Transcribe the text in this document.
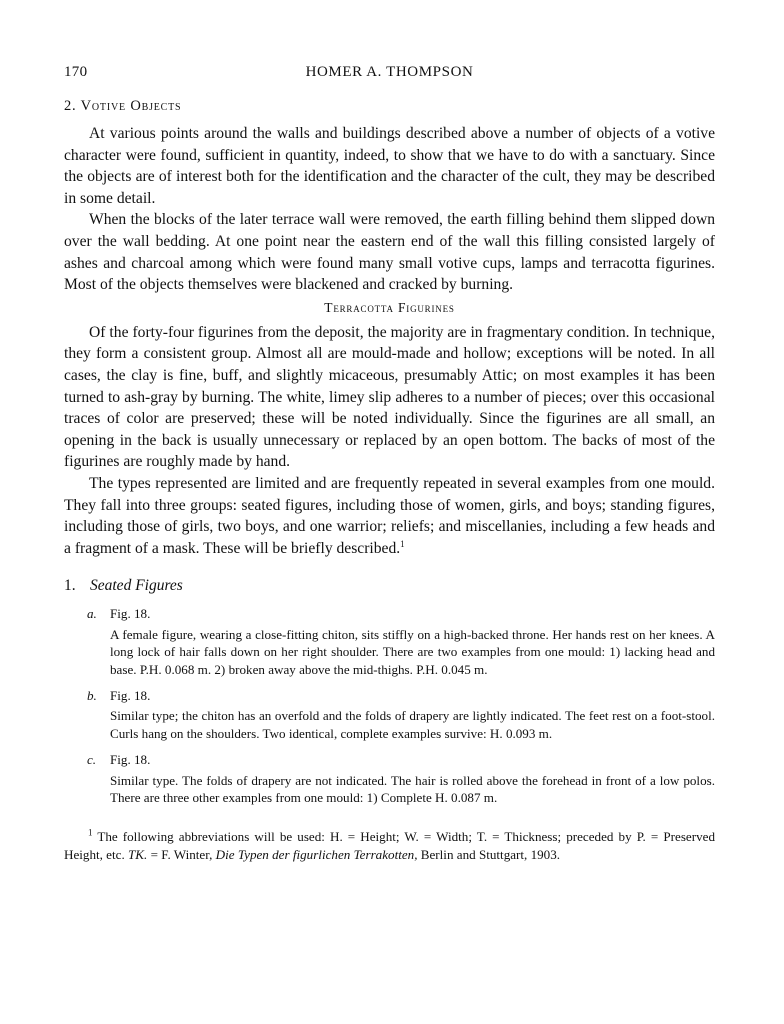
170	HOMER A. THOMPSON
2. Votive Objects

At various points around the walls and buildings described above a number of objects of a votive character were found, sufficient in quantity, indeed, to show that we have to do with a sanctuary. Since the objects are of interest both for the identification and the character of the cult, they may be described in some detail.

When the blocks of the later terrace wall were removed, the earth filling behind them slipped down over the wall bedding. At one point near the eastern end of the wall this filling consisted largely of ashes and charcoal among which were found many small votive cups, lamps and terracotta figurines. Most of the objects themselves were blackened and cracked by burning.

Terracotta Figurines

Of the forty-four figurines from the deposit, the majority are in fragmentary condition. In technique, they form a consistent group. Almost all are mould-made and hollow; exceptions will be noted. In all cases, the clay is fine, buff, and slightly micaceous, presumably Attic; on most examples it has been turned to ash-gray by burning. The white, limey slip adheres to a number of pieces; over this occasional traces of color are preserved; these will be noted individually. Since the figurines are all small, an opening in the back is usually unnecessary or replaced by an open bottom. The backs of most of the figurines are roughly made by hand.

The types represented are limited and are frequently repeated in several examples from one mould. They fall into three groups: seated figures, including those of women, girls, and boys; standing figures, including those of girls, two boys, and one warrior; reliefs; and miscellanies, including a few heads and a fragment of a mask. These will be briefly described.$^1$

1. Seated Figures
a. Fig. 18.
A female figure, wearing a close-fitting chiton, sits stiffly on a high-backed throne. Her hands rest on her knees. A long lock of hair falls down on her right shoulder. There are two examples from one mould: 1) lacking head and base. P.H. 0.068 m. 2) broken away above the mid-thighs. P.H. 0.045 m.
b. Fig. 18.
Similar type; the chiton has an overfold and the folds of drapery are lightly indicated. The feet rest on a foot-stool. Curls hang on the shoulders. Two identical, complete examples survive: H. 0.093 m.
c. Fig. 18.
Similar type. The folds of drapery are not indicated. The hair is rolled above the forehead in front of a low polos. There are three other examples from one mould: 1) Complete H. 0.087 m.
$^1$ The following abbreviations will be used: H. = Height; W. = Width; T. = Thickness; preceded by P. = Preserved Height, etc. TK. = F. Winter, Die Typen der figurlichen Terrakotten, Berlin and Stuttgart, 1903.
